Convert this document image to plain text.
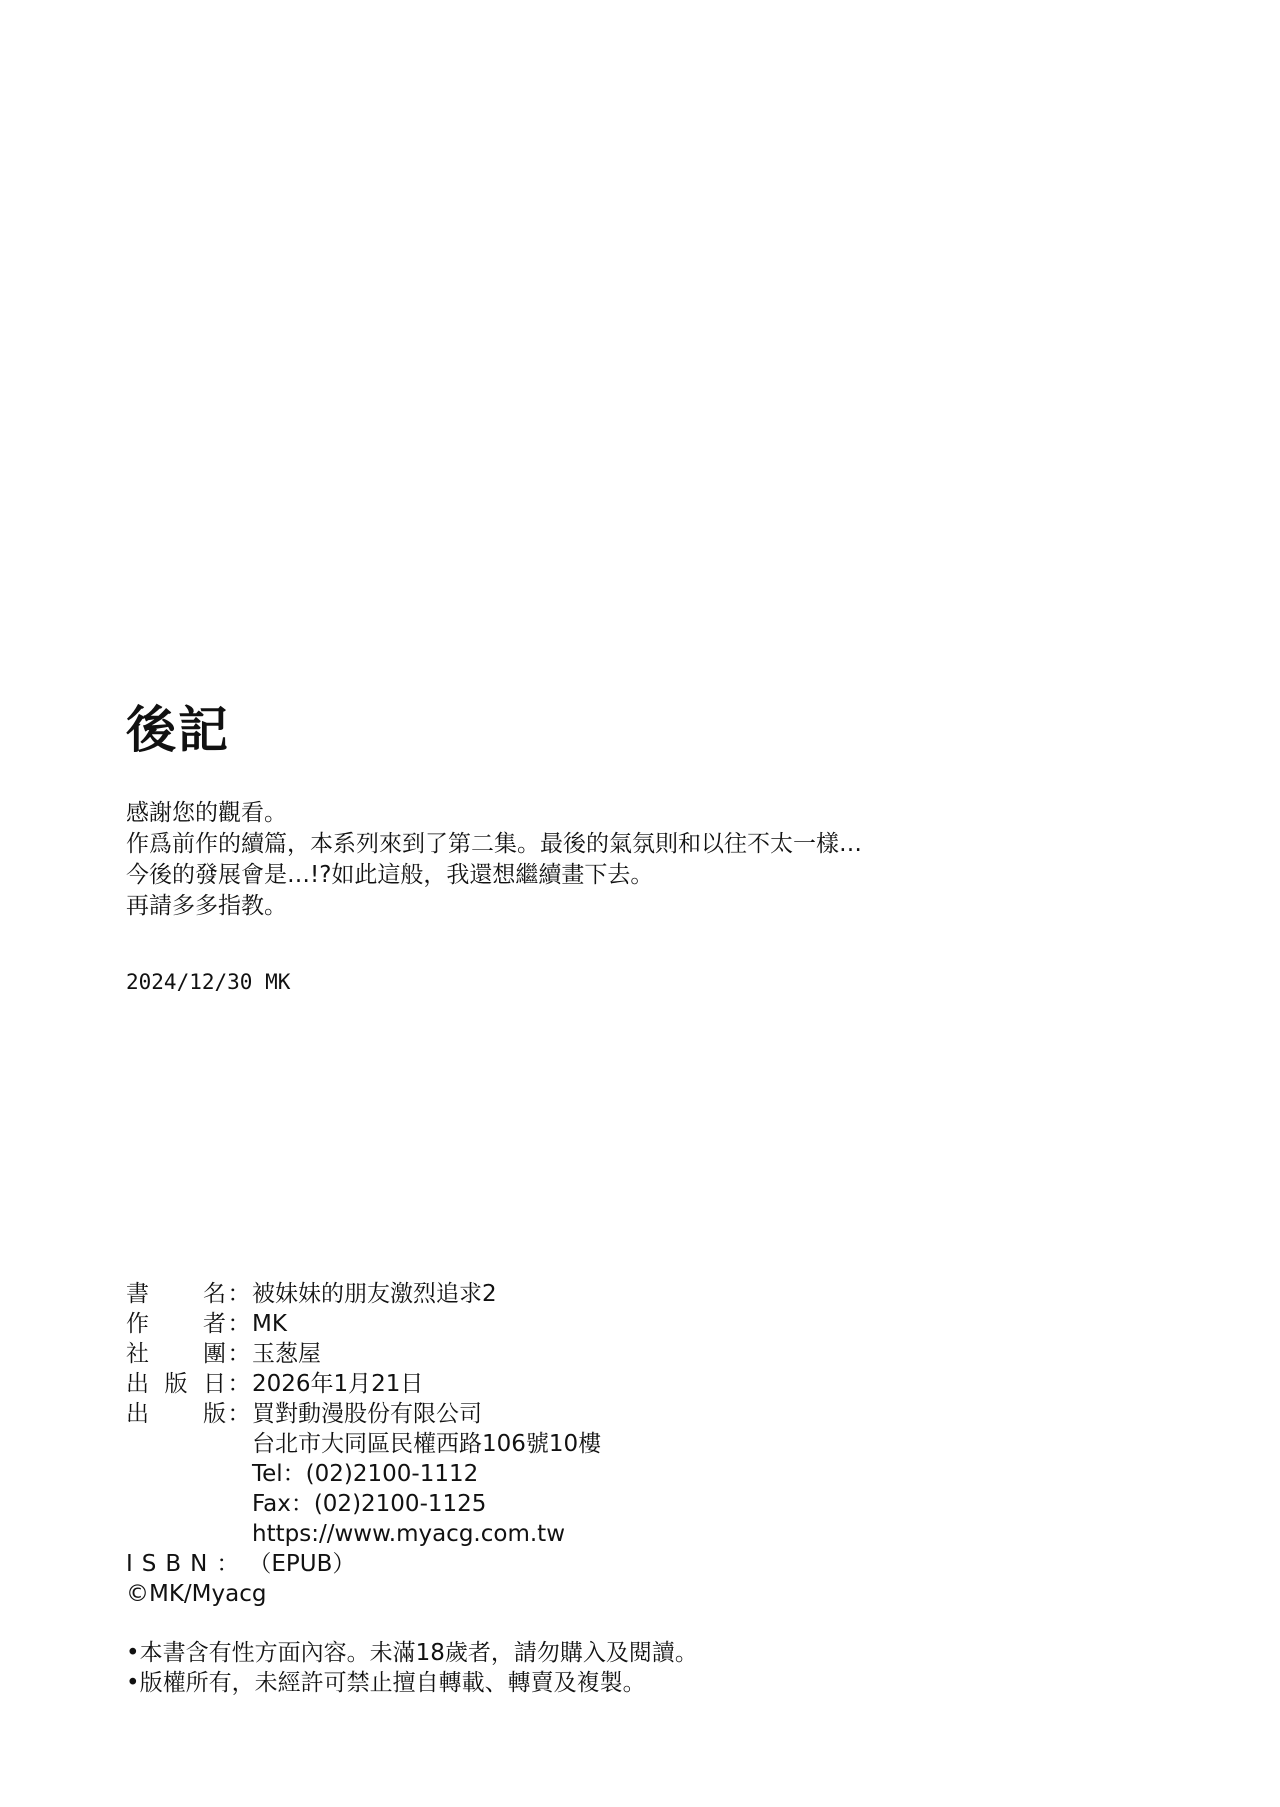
後記

感謝您的觀看。

作爲前作的續篇，本系列來到了第二集。最後的氣氛則和以往不太一樣…

今後的發展會是…!?如此這般，我還想繼續畫下去。

再請多多指教。

2024/12/30 MK
書名 ： 被妹妹的朋友激烈追求2
作者 ： MK
社團 ： 玉葱屋
出版日 ： 2026年1月21日
出版 ： 買對動漫股份有限公司
台北市大同區民權西路106號10樓
Tel：(02)2100-1112
Fax：(02)2100-1125
https://www.myacg.com.tw
ISBN： （EPUB）
©MK/Myacg

•本書含有性方面內容。未滿18歲者，請勿購入及閱讀。

•版權所有，未經許可禁止擅自轉載、轉賣及複製。
